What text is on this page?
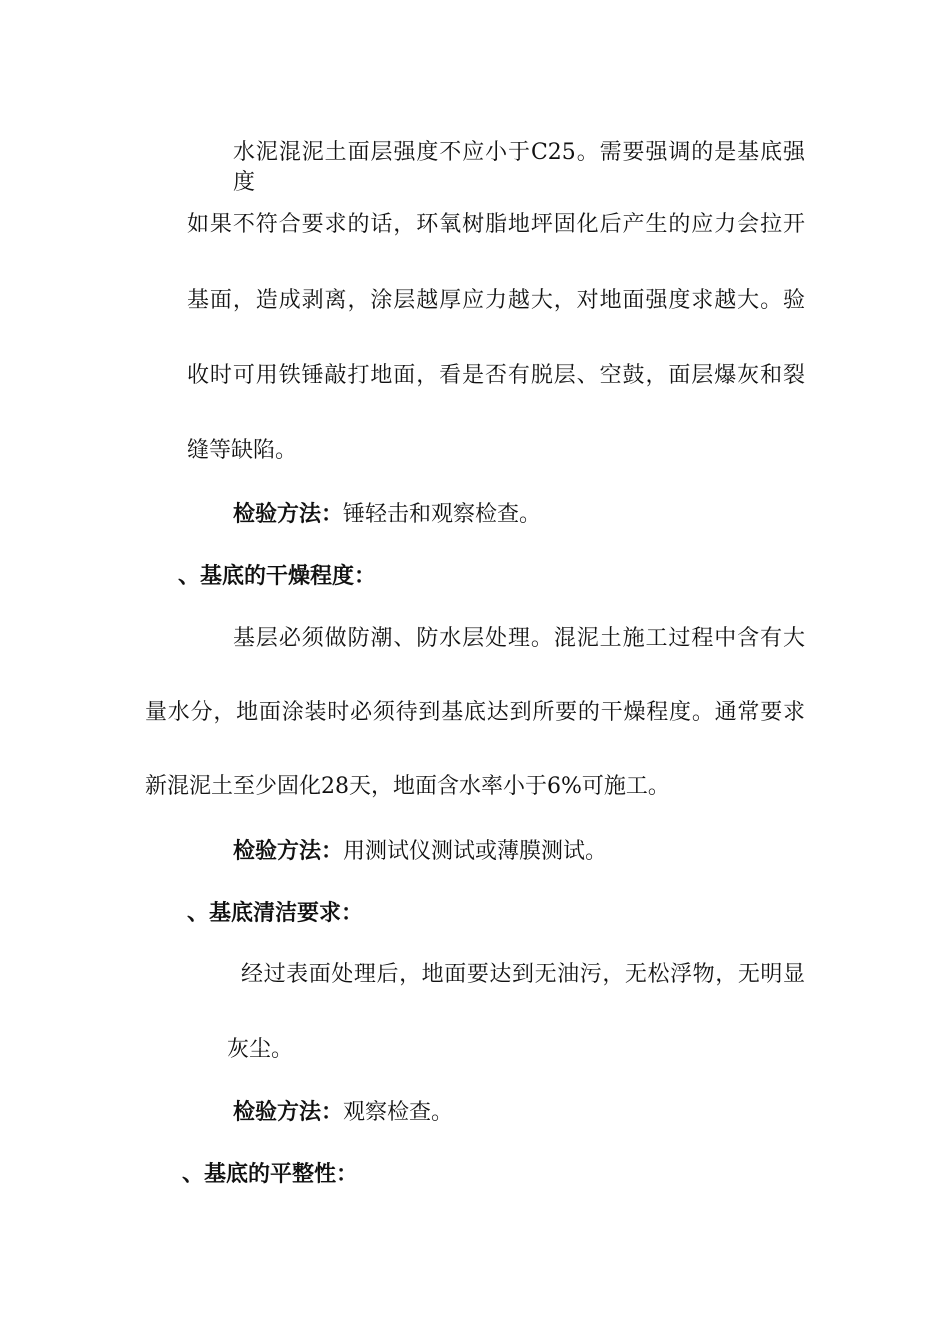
水泥混泥土面层强度不应小于C25。需要强调的是基底强度
如果不符合要求的话，环氧树脂地坪固化后产生的应力会拉开
基面，造成剥离，涂层越厚应力越大，对地面强度求越大。验
收时可用铁锤敲打地面，看是否有脱层、空鼓，面层爆灰和裂
缝等缺陷。
检验方法：锤轻击和观察检查。
、基底的干燥程度：
基层必须做防潮、防水层处理。混泥土施工过程中含有大
量水分，地面涂装时必须待到基底达到所要的干燥程度。通常要求
新混泥土至少固化28天，地面含水率小于6%可施工。
检验方法：用测试仪测试或薄膜测试。
、基底清洁要求：
经过表面处理后，地面要达到无油污，无松浮物，无明显
灰尘。
检验方法：观察检查。
、基底的平整性：
